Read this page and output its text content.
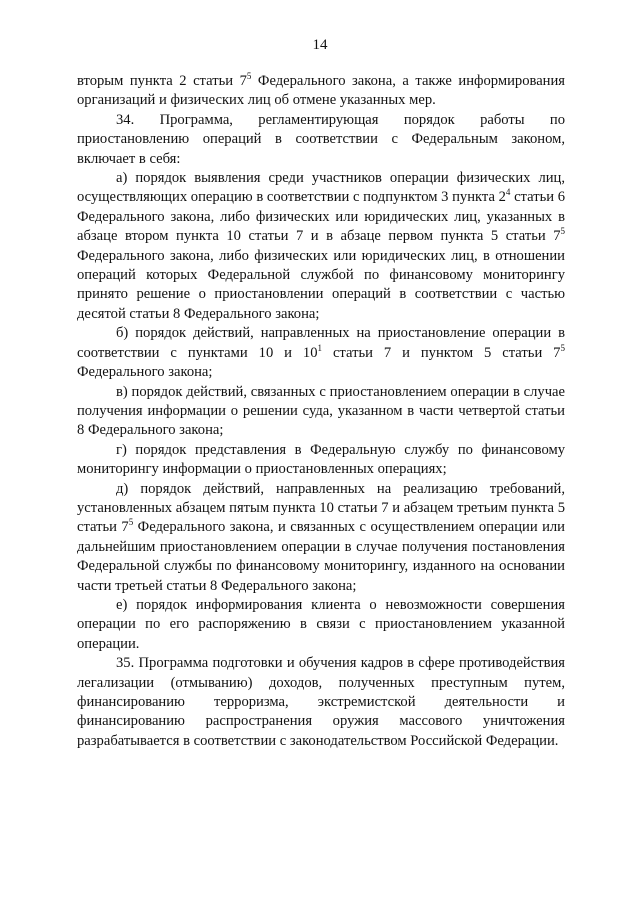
14

вторым пункта 2 статьи $7^5$ Федерального закона, а также информирования организаций и физических лиц об отмене указанных мер.

34. Программа, регламентирующая порядок работы по приостановлению операций в соответствии с Федеральным законом, включает в себя:

а) порядок выявления среди участников операции физических лиц, осуществляющих операцию в соответствии с подпунктом 3 пункта $2^4$ статьи 6 Федерального закона, либо физических или юридических лиц, указанных в абзаце втором пункта 10 статьи 7 и в абзаце первом пункта 5 статьи $7^5$ Федерального закона, либо физических или юридических лиц, в отношении операций которых Федеральной службой по финансовому мониторингу принято решение о приостановлении операций в соответствии с частью десятой статьи 8 Федерального закона;

б) порядок действий, направленных на приостановление операции в соответствии с пунктами 10 и $10^1$ статьи 7 и пунктом 5 статьи $7^5$ Федерального закона;

в) порядок действий, связанных с приостановлением операции в случае получения информации о решении суда, указанном в части четвертой статьи 8 Федерального закона;

г) порядок представления в Федеральную службу по финансовому мониторингу информации о приостановленных операциях;

д) порядок действий, направленных на реализацию требований, установленных абзацем пятым пункта 10 статьи 7 и абзацем третьим пункта 5 статьи $7^5$ Федерального закона, и связанных с осуществлением операции или дальнейшим приостановлением операции в случае получения постановления Федеральной службы по финансовому мониторингу, изданного на основании части третьей статьи 8 Федерального закона;

е) порядок информирования клиента о невозможности совершения операции по его распоряжению в связи с приостановлением указанной операции.

35. Программа подготовки и обучения кадров в сфере противодействия легализации (отмыванию) доходов, полученных преступным путем, финансированию терроризма, экстремистской деятельности и финансированию распространения оружия массового уничтожения разрабатывается в соответствии с законодательством Российской Федерации.
